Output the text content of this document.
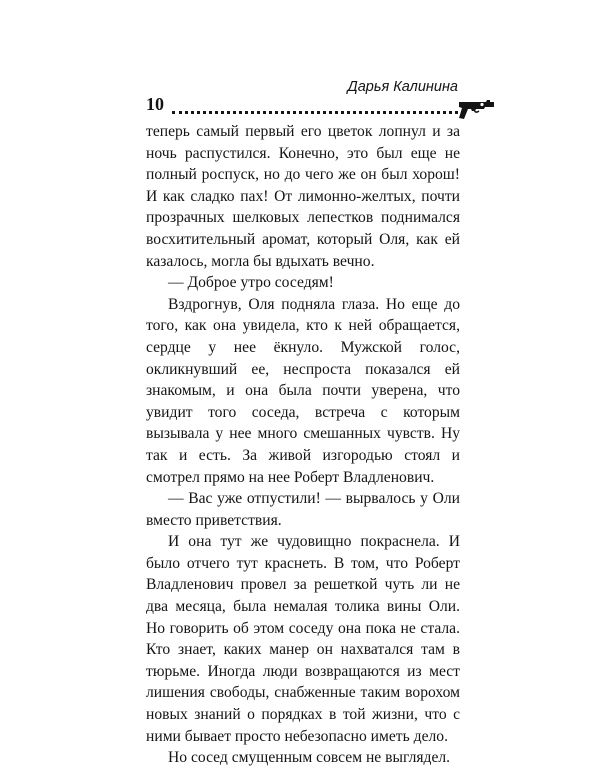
10
Дарья Калинина

теперь самый первый его цветок лопнул и за ночь распустился. Конечно, это был еще не полный роспуск, но до чего же он был хорош! И как сладко пах! От лимонно-желтых, почти прозрачных шелковых лепестков поднимался восхитительный аромат, который Оля, как ей казалось, могла бы вдыхать вечно.

— Доброе утро соседям!

Вздрогнув, Оля подняла глаза. Но еще до того, как она увидела, кто к ней обращается, сердце у нее ёкнуло. Мужской голос, окликнувший ее, неспроста показался ей знакомым, и она была почти уверена, что увидит того соседа, встреча с которым вызывала у нее много смешанных чувств. Ну так и есть. За живой изгородью стоял и смотрел прямо на нее Роберт Владленович.

— Вас уже отпустили! — вырвалось у Оли вместо приветствия.

И она тут же чудовищно покраснела. И было отчего тут краснеть. В том, что Роберт Владленович провел за решеткой чуть ли не два месяца, была немалая толика вины Оли. Но говорить об этом соседу она пока не стала. Кто знает, каких манер он нахватался там в тюрьме. Иногда люди возвращаются из мест лишения свободы, снабженные таким ворохом новых знаний о порядках в той жизни, что с ними бывает просто небезопасно иметь дело.

Но сосед смущенным совсем не выглядел.
